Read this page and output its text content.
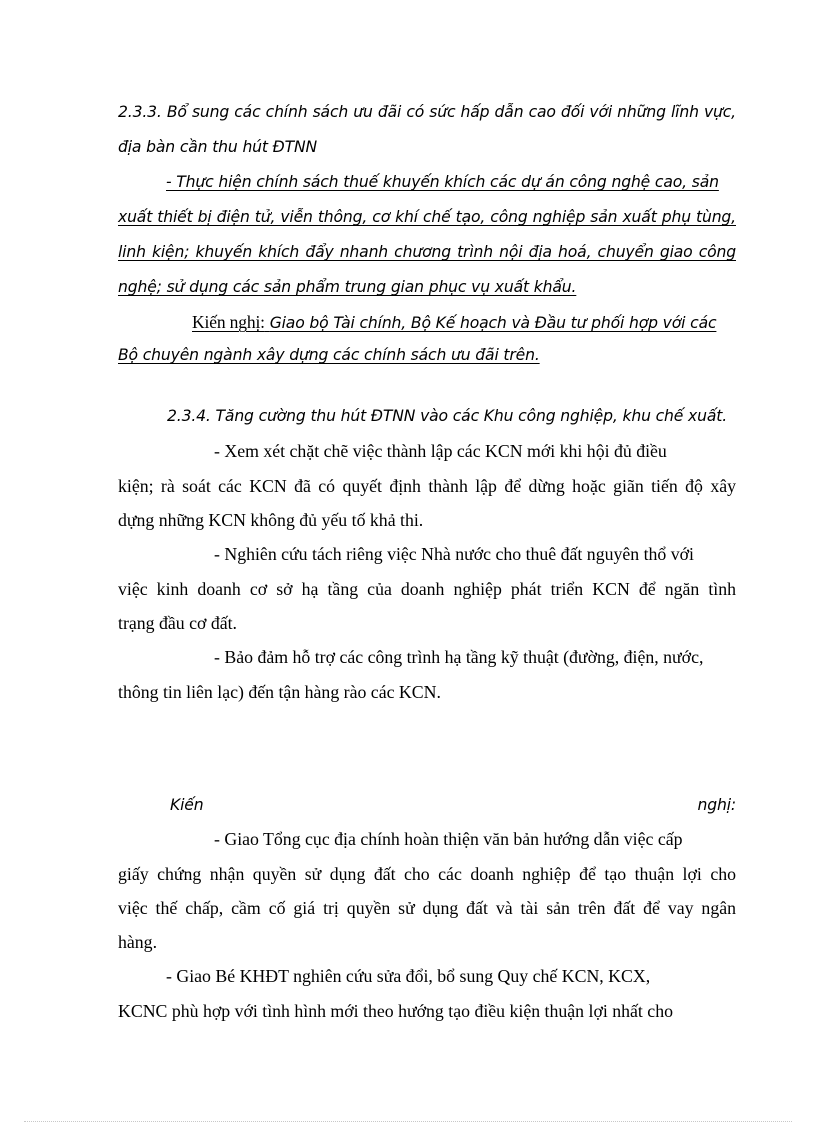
2.3.3. Bổ sung các chính sách ưu đãi có sức hấp dẫn cao đối với những lĩnh vực,
địa bàn cần thu hút ĐTNN
- Thực hiện chính sách thuế khuyến khích các dự án công nghệ cao, sản
xuất thiết bị điện tử, viễn thông, cơ khí chế tạo, công nghiệp sản xuất phụ tùng,
linh kiện; khuyến khích đẩy nhanh chương trình nội địa hoá, chuyển giao công
nghệ; sử dụng các sản phẩm trung gian phục vụ xuất khẩu.
Kiến nghị: Giao bộ Tài chính, Bộ Kế hoạch và Đầu tư phối hợp với các
Bộ chuyên ngành xây dựng các chính sách ưu đãi trên.
2.3.4. Tăng cường thu hút ĐTNN vào các Khu công nghiệp, khu chế xuất.
- Xem xét chặt chẽ việc thành lập các KCN mới khi hội đủ điều
kiện; rà soát các KCN đã có quyết định thành lập để dừng hoặc giãn tiến độ xây
dựng những KCN không đủ yếu tố khả thi.
- Nghiên cứu tách riêng việc Nhà nước cho thuê đất nguyên thổ với
việc kinh doanh cơ sở hạ tầng của doanh nghiệp phát triển KCN để ngăn tình
trạng đầu cơ đất.
- Bảo đảm hỗ trợ các công trình hạ tầng kỹ thuật (đường, điện, nước,
thông tin liên lạc) đến tận hàng rào các KCN.
Kiến	nghị:
- Giao Tổng cục địa chính hoàn thiện văn bản hướng dẫn việc cấp
giấy chứng nhận quyền sử dụng đất cho các doanh nghiệp để tạo thuận lợi cho
việc thế chấp, cầm cố giá trị quyền sử dụng đất và tài sản trên đất để vay ngân
hàng.
- Giao Bé KHĐT nghiên cứu sửa đổi, bổ sung Quy chế KCN, KCX,
KCNC phù hợp với tình hình mới theo hướng tạo điều kiện thuận lợi nhất cho
